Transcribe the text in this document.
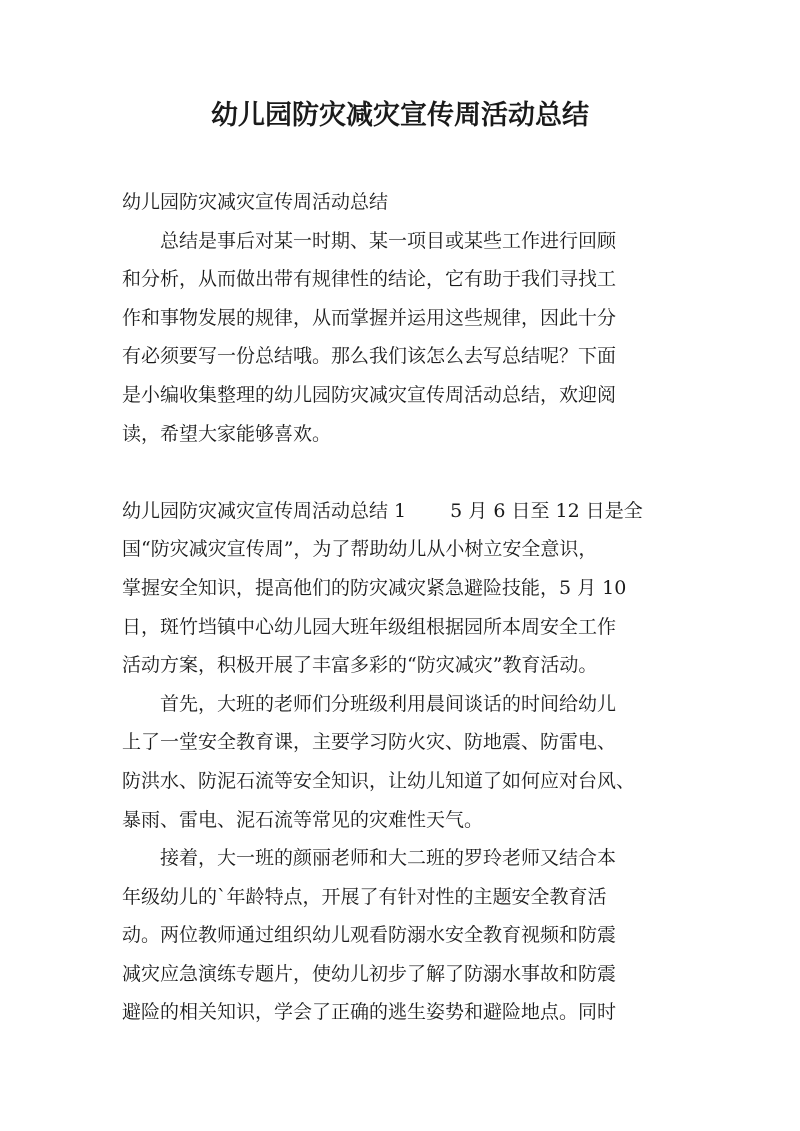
幼儿园防灾减灾宣传周活动总结
幼儿园防灾减灾宣传周活动总结
总结是事后对某一时期、某一项目或某些工作进行回顾
和分析，从而做出带有规律性的结论，它有助于我们寻找工
作和事物发展的规律，从而掌握并运用这些规律，因此十分
有必须要写一份总结哦。那么我们该怎么去写总结呢？下面
是小编收集整理的幼儿园防灾减灾宣传周活动总结，欢迎阅
读，希望大家能够喜欢。
幼儿园防灾减灾宣传周活动总结 1 　　5 月 6 日至 12 日是全
国“防灾减灾宣传周”，为了帮助幼儿从小树立安全意识，
掌握安全知识，提高他们的防灾减灾紧急避险技能，5 月 10
日，斑竹垱镇中心幼儿园大班年级组根据园所本周安全工作
活动方案，积极开展了丰富多彩的“防灾减灾”教育活动。
首先，大班的老师们分班级利用晨间谈话的时间给幼儿
上了一堂安全教育课，主要学习防火灾、防地震、防雷电、
防洪水、防泥石流等安全知识，让幼儿知道了如何应对台风、
暴雨、雷电、泥石流等常见的灾难性天气。
接着，大一班的颜丽老师和大二班的罗玲老师又结合本
年级幼儿的`年龄特点，开展了有针对性的主题安全教育活
动。两位教师通过组织幼儿观看防溺水安全教育视频和防震
减灾应急演练专题片，使幼儿初步了解了防溺水事故和防震
避险的相关知识，学会了正确的逃生姿势和避险地点。同时
